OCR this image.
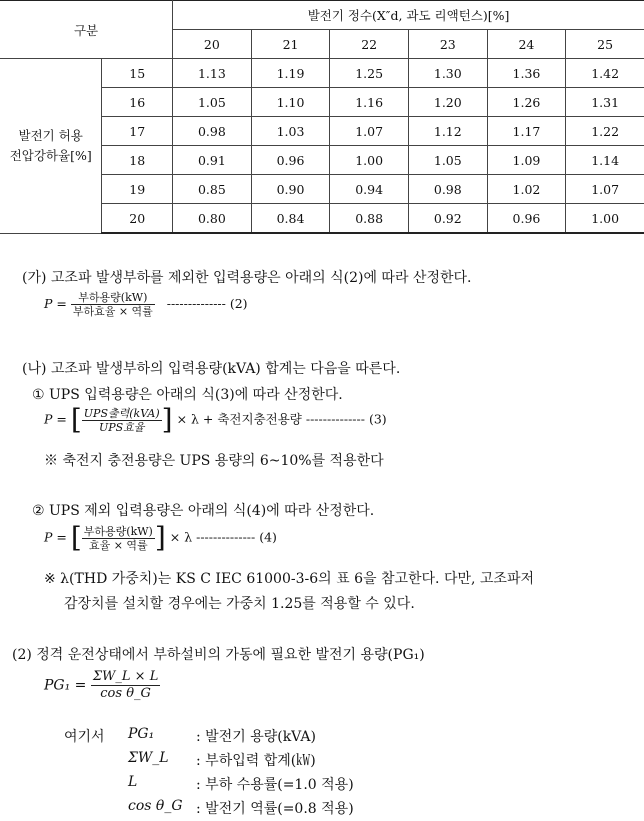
구분		발전기 정수(X″d, 과도 리액턴스)[%]					
		20	21	22	23	24	25
발전기 허용
전압강하율[%]	15	1.13	1.19	1.25	1.30	1.36	1.42
	16	1.05	1.10	1.16	1.20	1.26	1.31
	17	0.98	1.03	1.07	1.12	1.17	1.22
	18	0.91	0.96	1.00	1.05	1.09	1.14
	19	0.85	0.90	0.94	0.98	1.02	1.07
	20	0.80	0.84	0.88	0.92	0.96	1.00
(가) 고조파 발생부하를 제외한 입력용량은 아래의 식(2)에 따라 산정한다.
$P = \frac{\text{부하용량(kW)}}{\text{부하효율 × 역률}}$ -------------- (2)
(나) 고조파 발생부하의 입력용량(kVA) 합계는 다음을 따른다.
① UPS 입력용량은 아래의 식(3)에 따라 산정한다.
P = [ $\frac{\text{UPS출력(kVA)}}{\text{UPS효율}}$ ] × λ + 축전지충전용량 -------------- (3)
※ 축전지 충전용량은 UPS 용량의 6~10%를 적용한다
② UPS 제외 입력용량은 아래의 식(4)에 따라 산정한다.
P = [ $\frac{\text{부하용량(kW)}}{\text{효율 × 역률}}$ ] × λ -------------- (4)
※ λ(THD 가중치)는 KS C IEC 61000-3-6의 표 6을 참고한다. 다만, 고조파저
감장치를 설치할 경우에는 가중치 1.25를 적용할 수 있다.
(2) 정격 운전상태에서 부하설비의 가동에 필요한 발전기 용량(PG₁)
$PG_1 = \frac{\Sigma W\_L \times L}{\text{cos θ\_G}}$
여기서 PG₁	: 발전기 용량(kVA)
ΣW_L : 부하입력 합계(㎾)
L	: 부하 수용률(=1.0 적용)
cos θ_G : 발전기 역률(=0.8 적용)
